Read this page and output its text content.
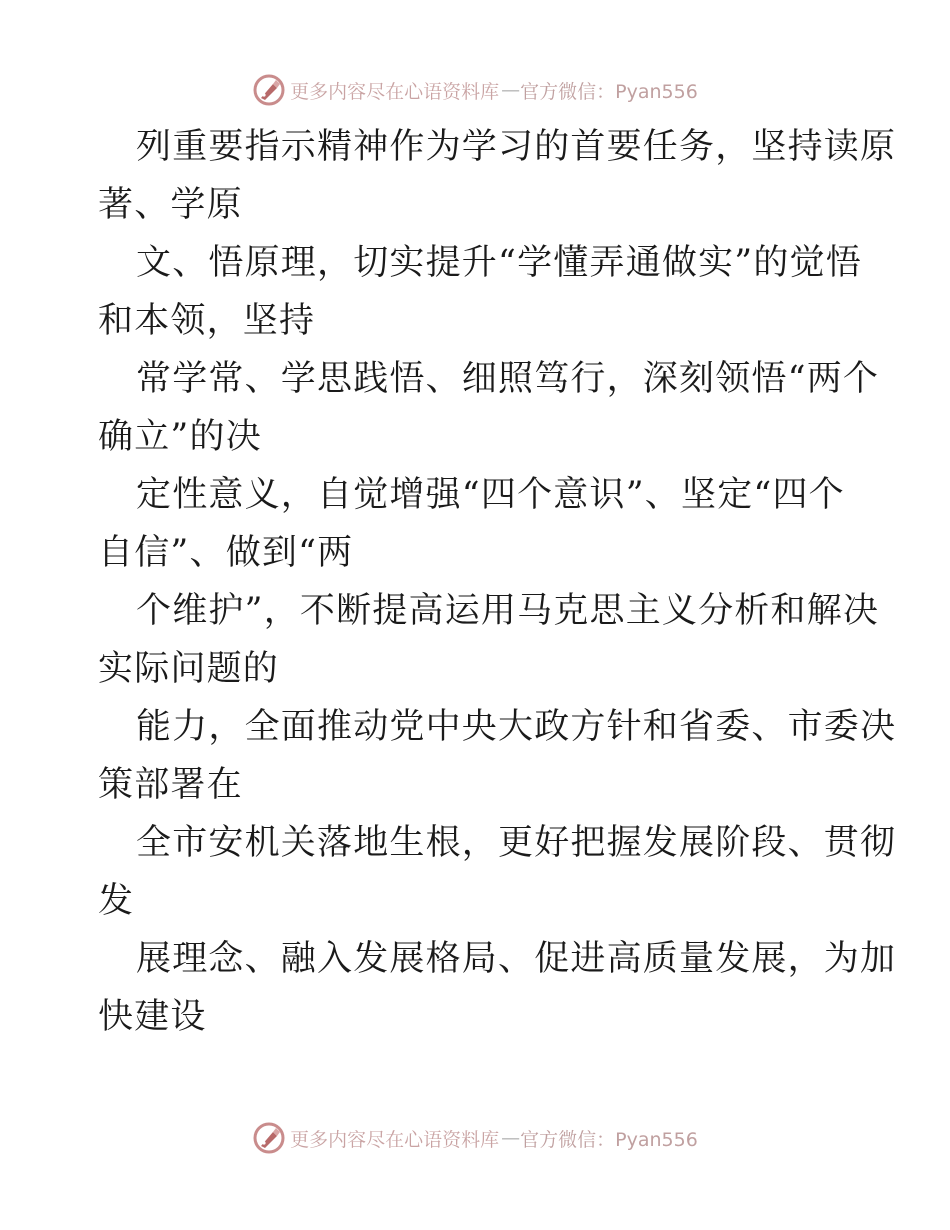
更多内容尽在心语资料库 — 官方微信：Pyan556
列重要指示精神作为学习的首要任务，坚持读原
著、学原
文、悟原理，切实提升“学懂弄通做实”的觉悟
和本领，坚持
常学常、学思践悟、细照笃行，深刻领悟“两个
确立”的决
定性意义，自觉增强“四个意识”、坚定“四个
自信”、做到“两
个维护”，不断提高运用马克思主义分析和解决
实际问题的
能力，全面推动党中央大政方针和省委、市委决
策部署在
全市安机关落地生根，更好把握发展阶段、贯彻
发
展理念、融入发展格局、促进高质量发展，为加
快建设
更多内容尽在心语资料库 — 官方微信：Pyan556
